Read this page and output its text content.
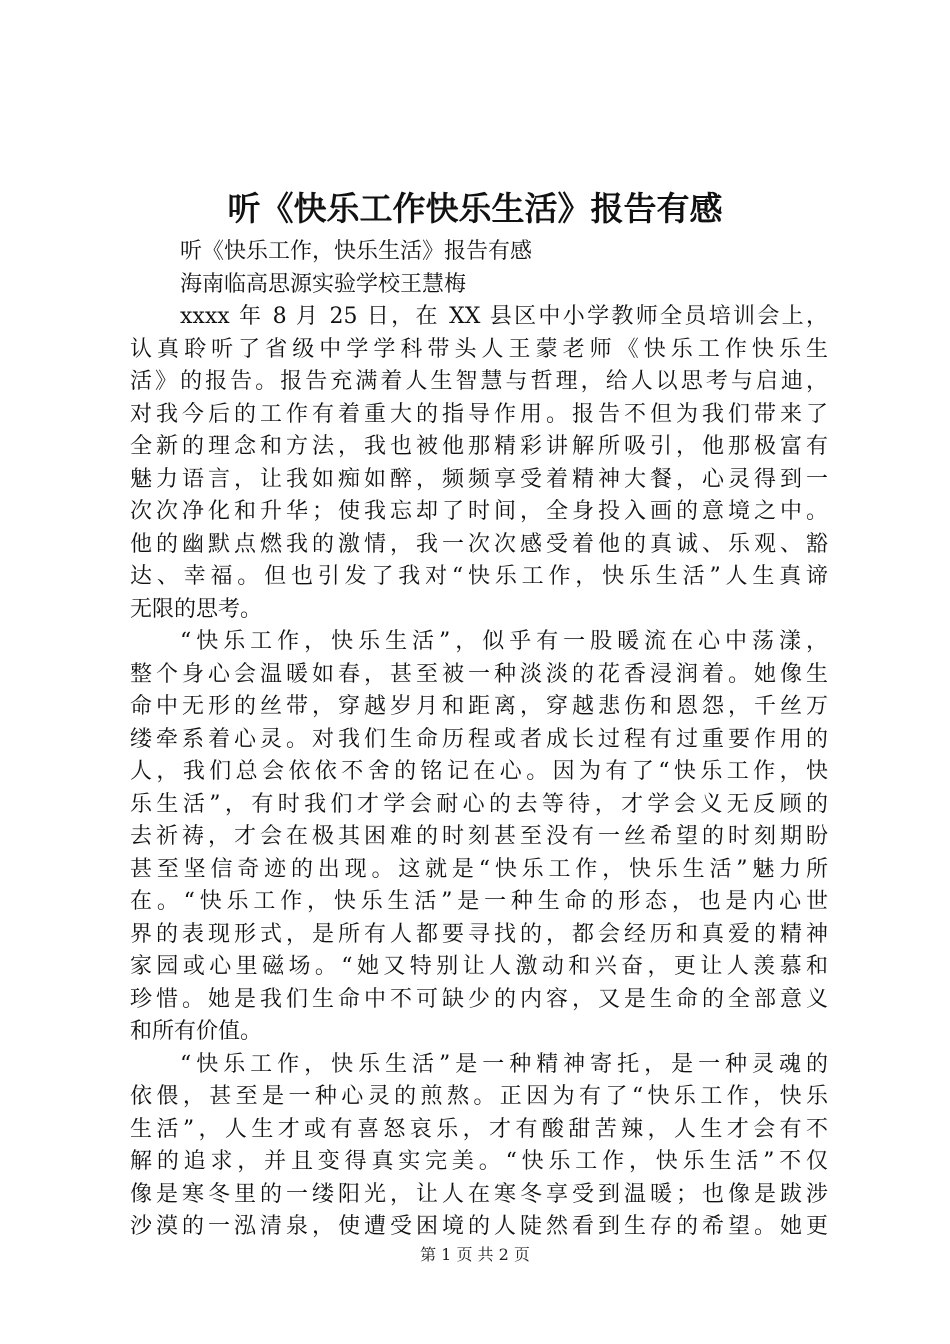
听《快乐工作快乐生活》报告有感
听《快乐工作，快乐生活》报告有感
海南临高思源实验学校王慧梅
xxxx 年 8 月 25 日，在 XX 县区中小学教师全员培训会上，
认真聆听了省级中学学科带头人王蒙老师《快乐工作快乐生
活》的报告。报告充满着人生智慧与哲理，给人以思考与启迪，
对我今后的工作有着重大的指导作用。报告不但为我们带来了
全新的理念和方法，我也被他那精彩讲解所吸引，他那极富有
魅力语言，让我如痴如醉，频频享受着精神大餐，心灵得到一
次次净化和升华；使我忘却了时间，全身投入画的意境之中。
他的幽默点燃我的激情，我一次次感受着他的真诚、乐观、豁
达、幸福。但也引发了我对“快乐工作，快乐生活”人生真谛
无限的思考。
“快乐工作，快乐生活”，似乎有一股暖流在心中荡漾，
整个身心会温暖如春，甚至被一种淡淡的花香浸润着。她像生
命中无形的丝带，穿越岁月和距离，穿越悲伤和恩怨，千丝万
缕牵系着心灵。对我们生命历程或者成长过程有过重要作用的
人，我们总会依依不舍的铭记在心。因为有了“快乐工作，快
乐生活”，有时我们才学会耐心的去等待，才学会义无反顾的
去祈祷，才会在极其困难的时刻甚至没有一丝希望的时刻期盼
甚至坚信奇迹的出现。这就是“快乐工作，快乐生活”魅力所
在。“快乐工作，快乐生活”是一种生命的形态，也是内心世
界的表现形式，是所有人都要寻找的，都会经历和真爱的精神
家园或心里磁场。“她又特别让人激动和兴奋，更让人羡慕和
珍惜。她是我们生命中不可缺少的内容，又是生命的全部意义
和所有价值。
“快乐工作，快乐生活”是一种精神寄托，是一种灵魂的
依偎，甚至是一种心灵的煎熬。正因为有了“快乐工作，快乐
生活”，人生才或有喜怒哀乐，才有酸甜苦辣，人生才会有不
解的追求，并且变得真实完美。“快乐工作，快乐生活”不仅
像是寒冬里的一缕阳光，让人在寒冬享受到温暖；也像是跋涉
沙漠的一泓清泉，使遭受困境的人陡然看到生存的希望。她更
第 1 页 共 2 页
